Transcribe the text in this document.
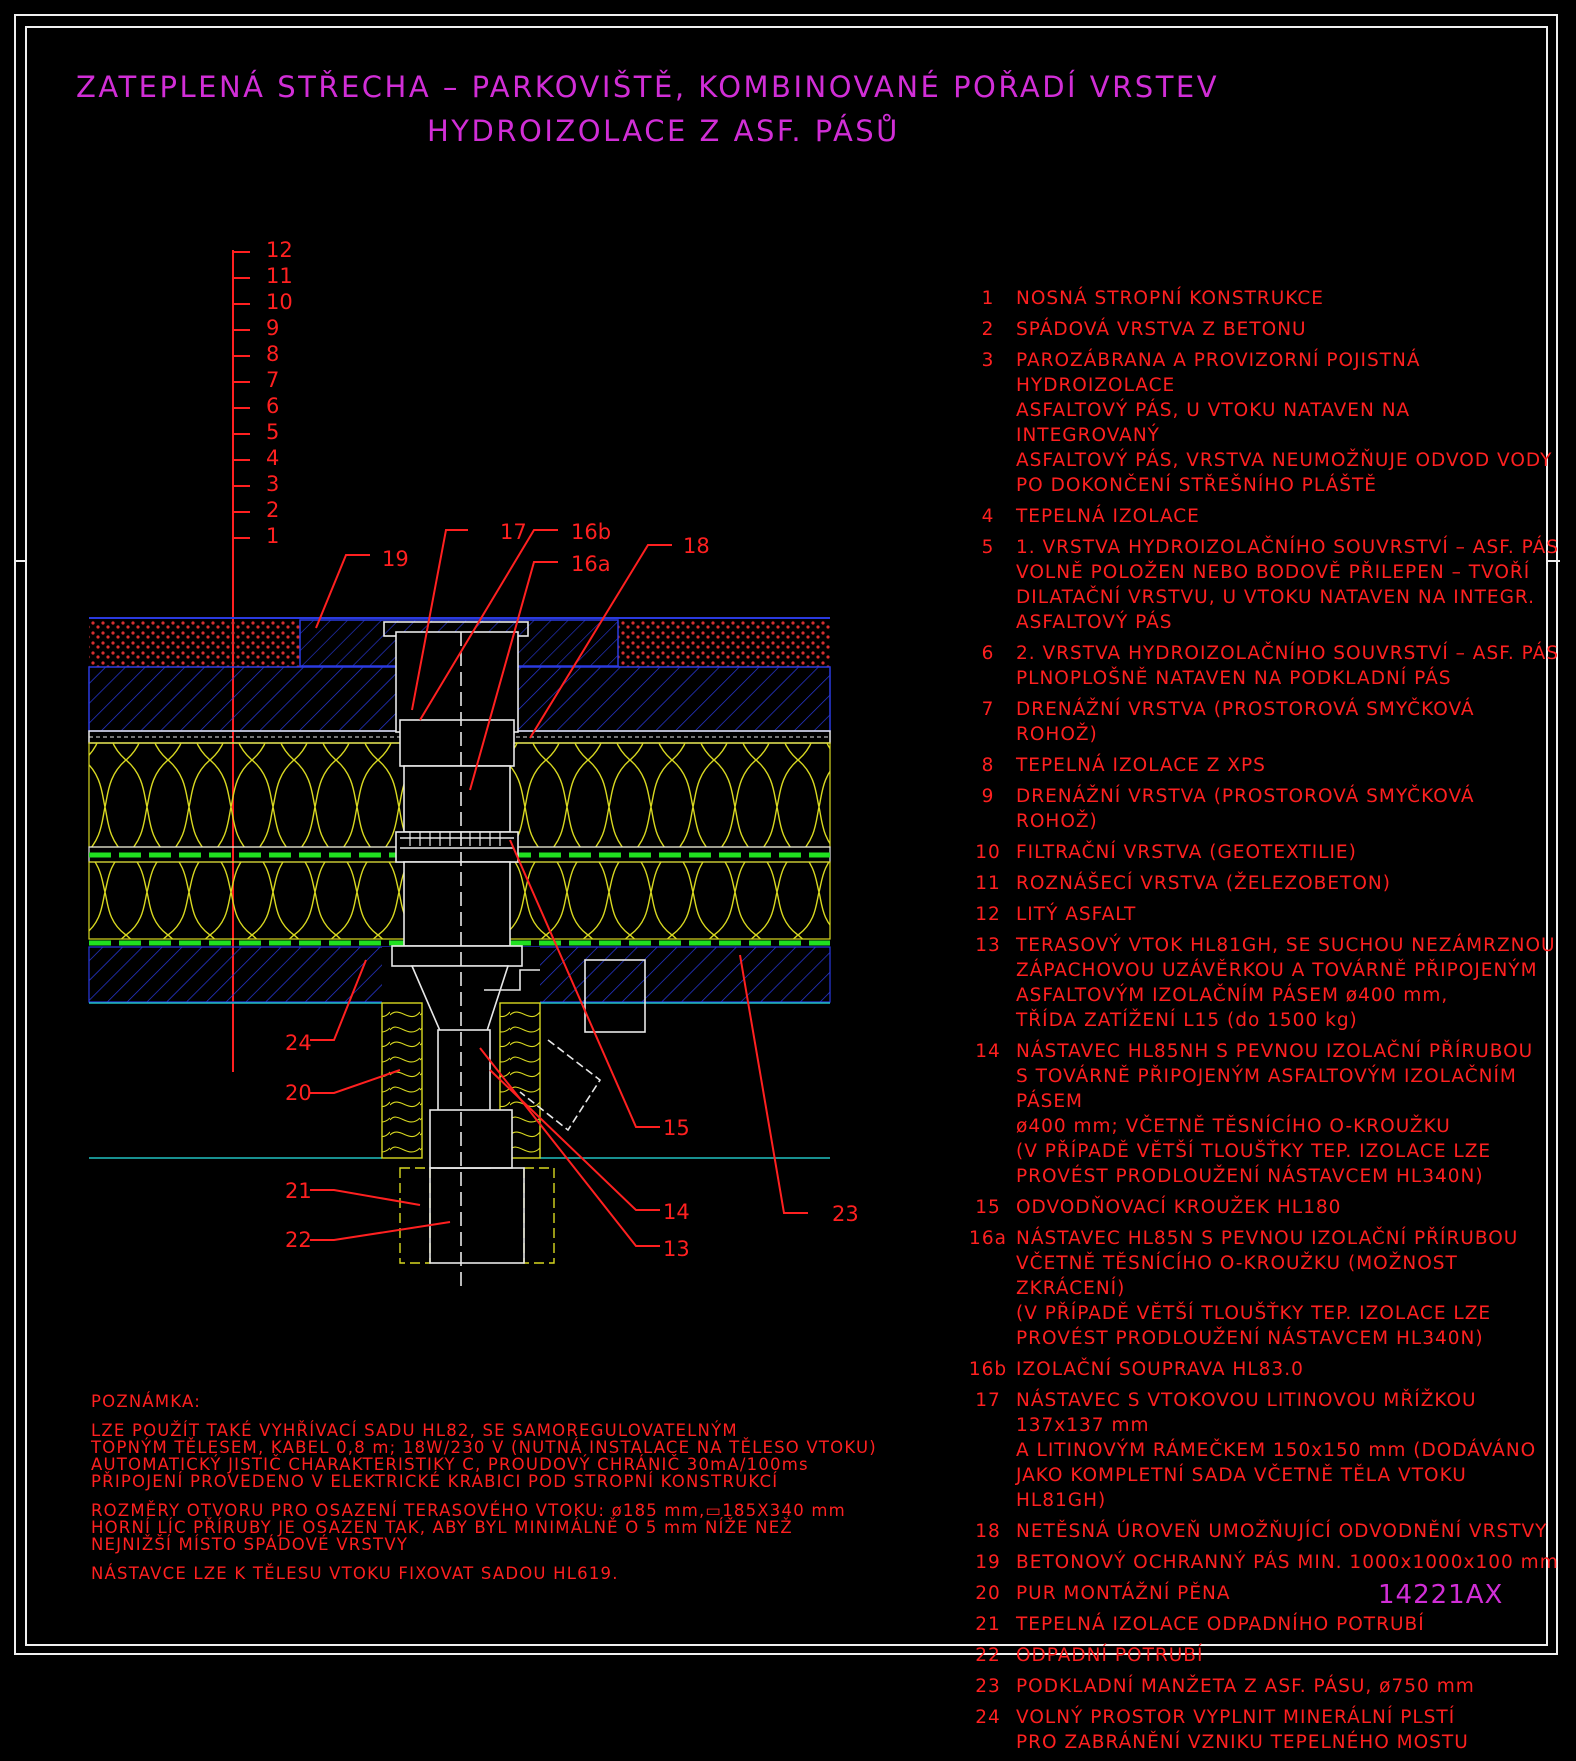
ZATEPLENÁ STŘECHA – PARKOVIŠTĚ, KOMBINOVANÉ POŘADÍ VRSTEV
HYDROIZOLACE Z ASF. PÁSŮ
12
11
10
9
8
7
6
5
4
3
2
1	17 16b
16a
18
19
24
20
21
22
15
14
13
23
1	NOSNÁ STROPNÍ KONSTRUKCE
2	SPÁDOVÁ VRSTVA Z BETONU
3	PAROZÁBRANA A PROVIZORNÍ POJISTNÁ HYDROIZOLACE
ASFALTOVÝ PÁS, U VTOKU NATAVEN NA INTEGROVANÝ
ASFALTOVÝ PÁS, VRSTVA NEUMOŽŇUJE ODVOD VODY
PO DOKONČENÍ STŘEŠNÍHO PLÁŠTĚ
4	TEPELNÁ IZOLACE
5	1. VRSTVA HYDROIZOLAČNÍHO SOUVRSTVÍ – ASF. PÁS
VOLNĚ POLOŽEN NEBO BODOVĚ PŘILEPEN – TVOŘÍ
DILATAČNÍ VRSTVU, U VTOKU NATAVEN NA INTEGR.
ASFALTOVÝ PÁS
6	2. VRSTVA HYDROIZOLAČNÍHO SOUVRSTVÍ – ASF. PÁS
PLNOPLOŠNĚ NATAVEN NA PODKLADNÍ PÁS
7	DRENÁŽNÍ VRSTVA (PROSTOROVÁ SMYČKOVÁ ROHOŽ)
8	TEPELNÁ IZOLACE Z XPS
9	DRENÁŽNÍ VRSTVA (PROSTOROVÁ SMYČKOVÁ ROHOŽ)
10 FILTRAČNÍ VRSTVA (GEOTEXTILIE)
11 ROZNÁŠECÍ VRSTVA (ŽELEZOBETON)
12 LITÝ ASFALT
13 TERASOVÝ VTOK HL81GH, SE SUCHOU NEZÁMRZNOU
ZÁPACHOVOU UZÁVĚRKOU A TOVÁRNĚ PŘIPOJENÝM
ASFALTOVÝM IZOLAČNÍM PÁSEM ø400 mm,
TŘÍDA ZATÍŽENÍ L15 (do 1500 kg)
14 NÁSTAVEC HL85NH S PEVNOU IZOLAČNÍ PŘÍRUBOU
S TOVÁRNĚ PŘIPOJENÝM ASFALTOVÝM IZOLAČNÍM PÁSEM
ø400 mm; VČETNĚ TĚSNÍCÍHO O-KROUŽKU
(V PŘÍPADĚ VĚTŠÍ TLOUŠŤKY TEP. IZOLACE LZE
PROVÉST PRODLOUŽENÍ NÁSTAVCEM HL340N)
15 ODVODŇOVACÍ KROUŽEK HL180
16a NÁSTAVEC HL85N S PEVNOU IZOLAČNÍ PŘÍRUBOU
VČETNĚ TĚSNÍCÍHO O-KROUŽKU (MOŽNOST ZKRÁCENÍ)
(V PŘÍPADĚ VĚTŠÍ TLOUŠŤKY TEP. IZOLACE LZE
PROVÉST PRODLOUŽENÍ NÁSTAVCEM HL340N)
16b IZOLAČNÍ SOUPRAVA HL83.0
17 NÁSTAVEC S VTOKOVOU LITINOVOU MŘÍŽKOU 137x137 mm
A LITINOVÝM RÁMEČKEM 150x150 mm (DODÁVÁNO
JAKO KOMPLETNÍ SADA VČETNĚ TĚLA VTOKU HL81GH)
18 NETĚSNÁ ÚROVEŇ UMOŽŇUJÍCÍ ODVODNĚNÍ VRSTVY
19 BETONOVÝ OCHRANNÝ PÁS MIN. 1000x1000x100 mm
20 PUR MONTÁŽNÍ PĚNA
21 TEPELNÁ IZOLACE ODPADNÍHO POTRUBÍ
22 ODPADNÍ POTRUBÍ
23 PODKLADNÍ MANŽETA Z ASF. PÁSU, ø750 mm
24 VOLNÝ PROSTOR VYPLNIT MINERÁLNÍ PLSTÍ
PRO ZABRÁNĚNÍ VZNIKU TEPELNÉHO MOSTU

POZNÁMKA:

LZE POUŽÍT TAKÉ VYHŘÍVACÍ SADU HL82, SE SAMOREGULOVATELNÝM
TOPNÝM TĚLESEM, KABEL 0,8 m; 18W/230 V (NUTNÁ INSTALACE NA TĚLESO VTOKU)
AUTOMATICKÝ JISTIČ CHARAKTERISTIKY C, PROUDOVÝ CHRÁNIČ 30mA/100ms
PŘIPOJENÍ PROVEDENO V ELEKTRICKÉ KRABICI POD STROPNÍ KONSTRUKCÍ

ROZMĚRY OTVORU PRO OSAZENÍ TERASOVÉHO VTOKU: ø185 mm,▭185X340 mm
HORNÍ LÍC PŘÍRUBY JE OSAZEN TAK, ABY BYL MINIMÁLNĚ O 5 mm NÍŽE NEŽ
NEJNIŽŠÍ MÍSTO SPÁDOVÉ VRSTVY

NÁSTAVCE LZE K TĚLESU VTOKU FIXOVAT SADOU HL619.

14221AX
